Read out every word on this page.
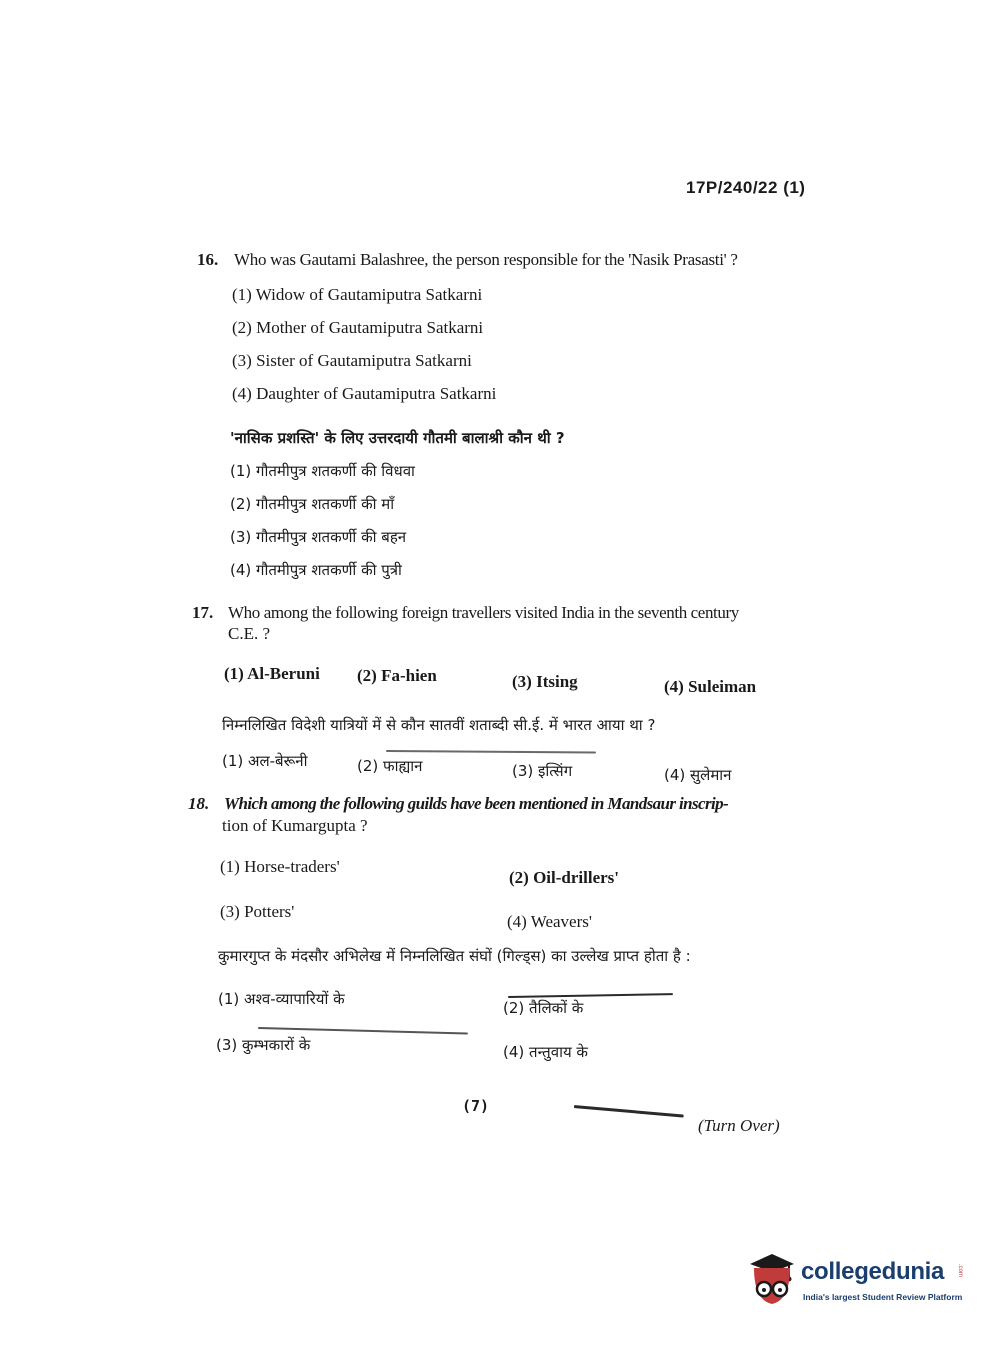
17P/240/22 (1)
16. Who was Gautami Balashree, the person responsible for the 'Nasik Prasasti' ?
(1) Widow of Gautamiputra Satkarni
(2) Mother of Gautamiputra Satkarni
(3) Sister of Gautamiputra Satkarni
(4) Daughter of Gautamiputra Satkarni
'नासिक प्रशस्ति' के लिए उत्तरदायी गौतमी बालाश्री कौन थी ?
(1) गौतमीपुत्र शतकर्णी की विधवा
(2) गौतमीपुत्र शतकर्णी की माँ
(3) गौतमीपुत्र शतकर्णी की बहन
(4) गौतमीपुत्र शतकर्णी की पुत्री
17. Who among the following foreign travellers visited India in the seventh century
C.E. ?
(1) Al-Beruni (2) Fa-hien	(3) Itsing	(4) Suleiman
निम्नलिखित विदेशी यात्रियों में से कौन सातवीं शताब्दी सी.ई. में भारत आया था ?
(1) अल-बेरूनी	(2) फाह्यान	(3) इत्सिंग	(4) सुलेमान
18. Which among the following guilds have been mentioned in Mandsaur inscrip-
tion of Kumargupta ?
(1) Horse-traders'
(2) Oil-drillers'
(3) Potters'
(4) Weavers'
कुमारगुप्त के मंदसौर अभिलेख में निम्नलिखित संघों (गिल्ड्स) का उल्लेख प्राप्त होता है :
(1) अश्व-व्यापारियों के	(2) तैलिकों के
(3) कुम्भकारों के	(4) तन्तुवाय के
(7)
(Turn Over)
collegedunia .com
India's largest Student Review Platform
